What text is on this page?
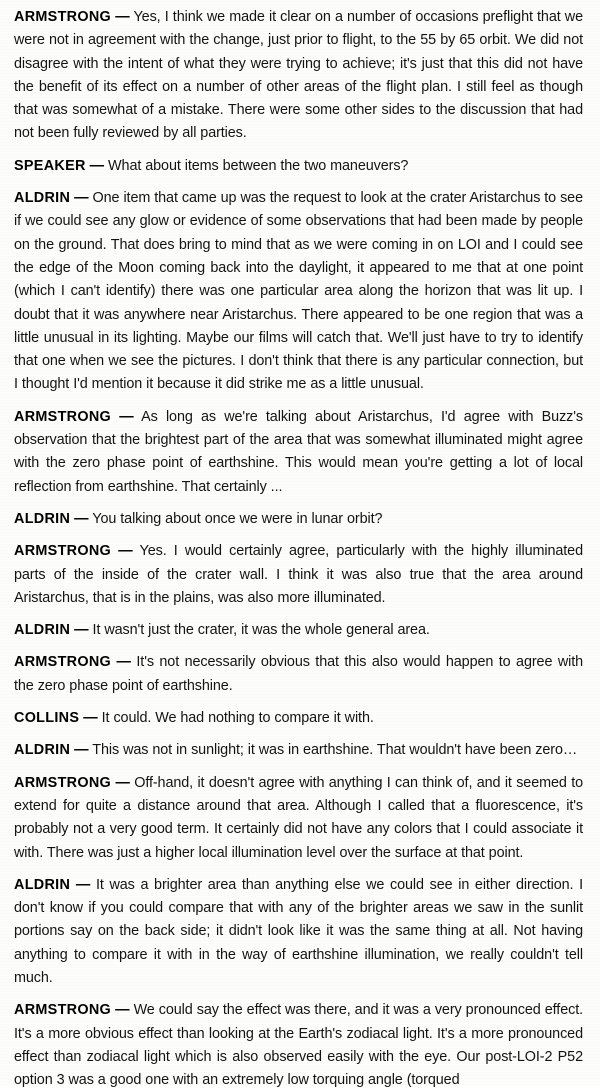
ARMSTRONG — Yes, I think we made it clear on a number of occasions preflight that we were not in agreement with the change, just prior to flight, to the 55 by 65 orbit. We did not disagree with the intent of what they were trying to achieve; it's just that this did not have the benefit of its effect on a number of other areas of the flight plan. I still feel as though that was somewhat of a mistake. There were some other sides to the discussion that had not been fully reviewed by all parties.

SPEAKER — What about items between the two maneuvers?

ALDRIN — One item that came up was the request to look at the crater Aristarchus to see if we could see any glow or evidence of some observations that had been made by people on the ground. That does bring to mind that as we were coming in on LOI and I could see the edge of the Moon coming back into the daylight, it appeared to me that at one point (which I can't identify) there was one particular area along the horizon that was lit up. I doubt that it was anywhere near Aristarchus. There appeared to be one region that was a little unusual in its lighting. Maybe our films will catch that. We'll just have to try to identify that one when we see the pictures. I don't think that there is any particular connection, but I thought I'd mention it because it did strike me as a little unusual.

ARMSTRONG — As long as we're talking about Aristarchus, I'd agree with Buzz's observation that the brightest part of the area that was somewhat illuminated might agree with the zero phase point of earthshine. This would mean you're getting a lot of local reflection from earthshine. That certainly ...

ALDRIN — You talking about once we were in lunar orbit?

ARMSTRONG — Yes. I would certainly agree, particularly with the highly illuminated parts of the inside of the crater wall. I think it was also true that the area around Aristarchus, that is in the plains, was also more illuminated.

ALDRIN — It wasn't just the crater, it was the whole general area.

ARMSTRONG — It's not necessarily obvious that this also would happen to agree with the zero phase point of earthshine.

COLLINS — It could. We had nothing to compare it with.

ALDRIN — This was not in sunlight; it was in earthshine. That wouldn't have been zero…

ARMSTRONG — Off-hand, it doesn't agree with anything I can think of, and it seemed to extend for quite a distance around that area. Although I called that a fluorescence, it's probably not a very good term. It certainly did not have any colors that I could associate it with. There was just a higher local illumination level over the surface at that point.

ALDRIN — It was a brighter area than anything else we could see in either direction. I don't know if you could compare that with any of the brighter areas we saw in the sunlit portions say on the back side; it didn't look like it was the same thing at all. Not having anything to compare it with in the way of earthshine illumination, we really couldn't tell much.

ARMSTRONG — We could say the effect was there, and it was a very pronounced effect. It's a more obvious effect than looking at the Earth's zodiacal light. It's a more pronounced effect than zodiacal light which is also observed easily with the eye. Our post-LOI-2 P52 option 3 was a good one with an extremely low torquing angle (torqued
